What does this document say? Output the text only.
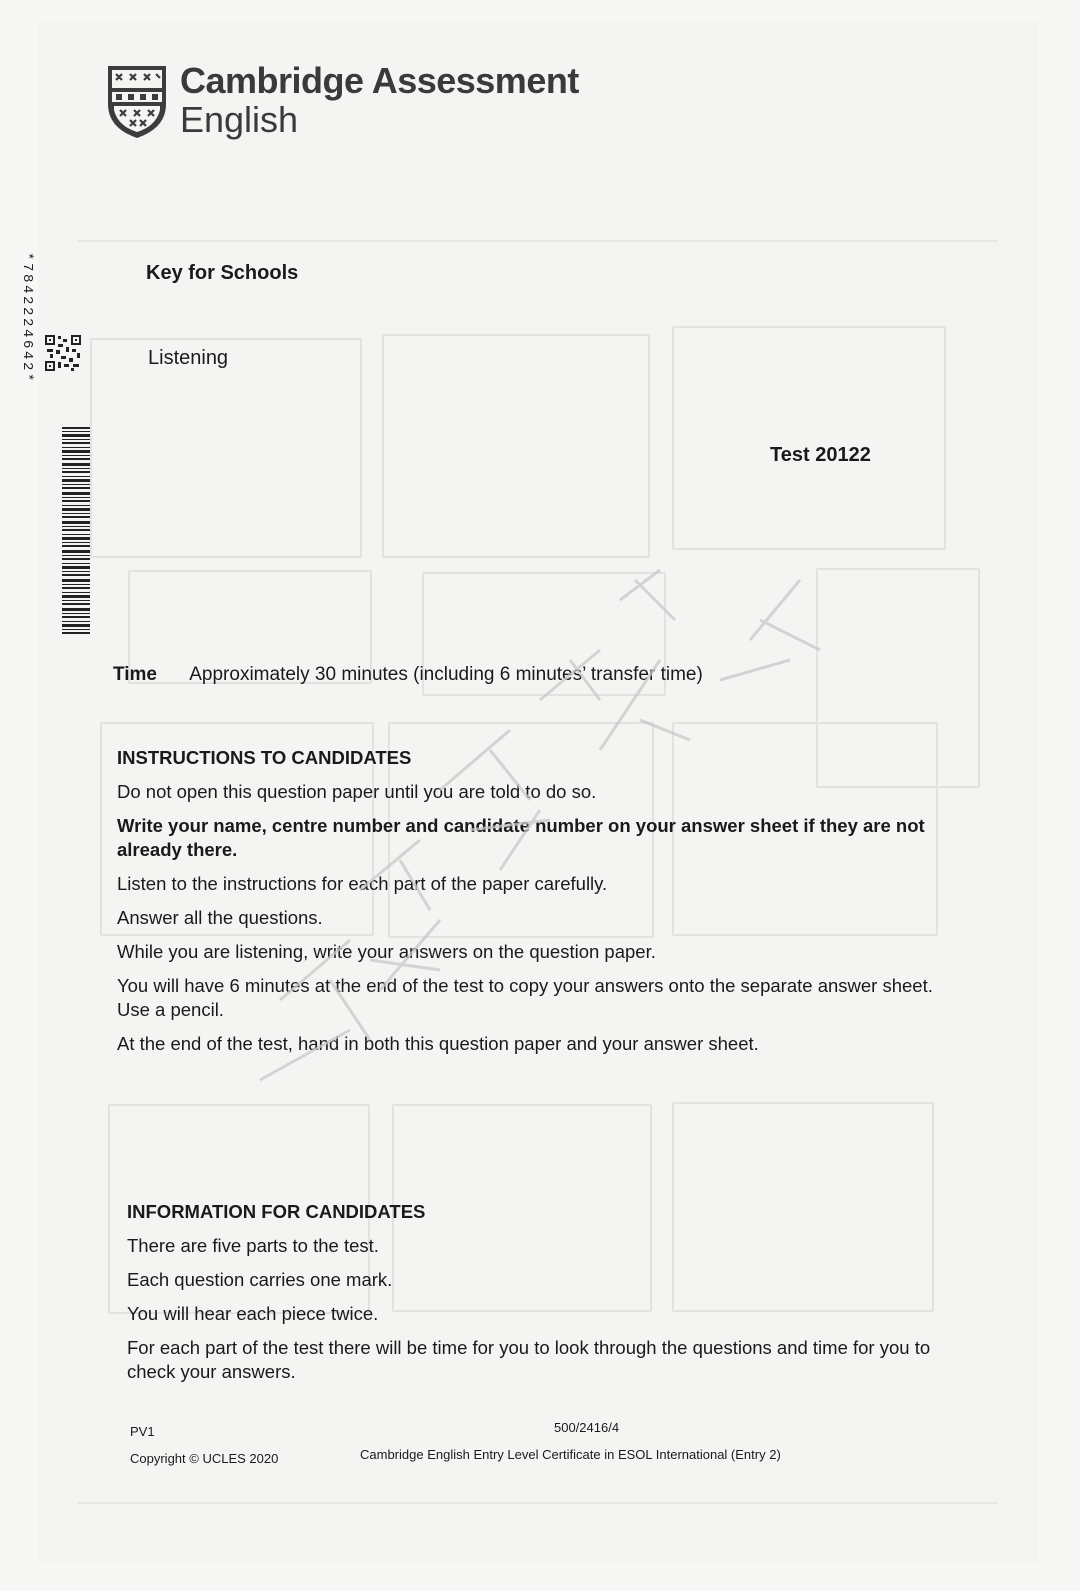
Cambridge Assessment
English
Key for Schools
Listening
Test 20122
*7842224642*
Time Approximately 30 minutes (including 6 minutes’ transfer time)
INSTRUCTIONS TO CANDIDATES

Do not open this question paper until you are told to do so.

Write your name, centre number and candidate number on your answer sheet if they are not already there.

Listen to the instructions for each part of the paper carefully.

Answer all the questions.

While you are listening, write your answers on the question paper.

You will have 6 minutes at the end of the test to copy your answers onto the separate answer sheet. Use a pencil.

At the end of the test, hand in both this question paper and your answer sheet.

INFORMATION FOR CANDIDATES

There are five parts to the test.

Each question carries one mark.

You will hear each piece twice.

For each part of the test there will be time for you to look through the questions and time for you to check your answers.

PV1
Copyright © UCLES 2020
500/2416/4
Cambridge English Entry Level Certificate in ESOL International (Entry 2)
